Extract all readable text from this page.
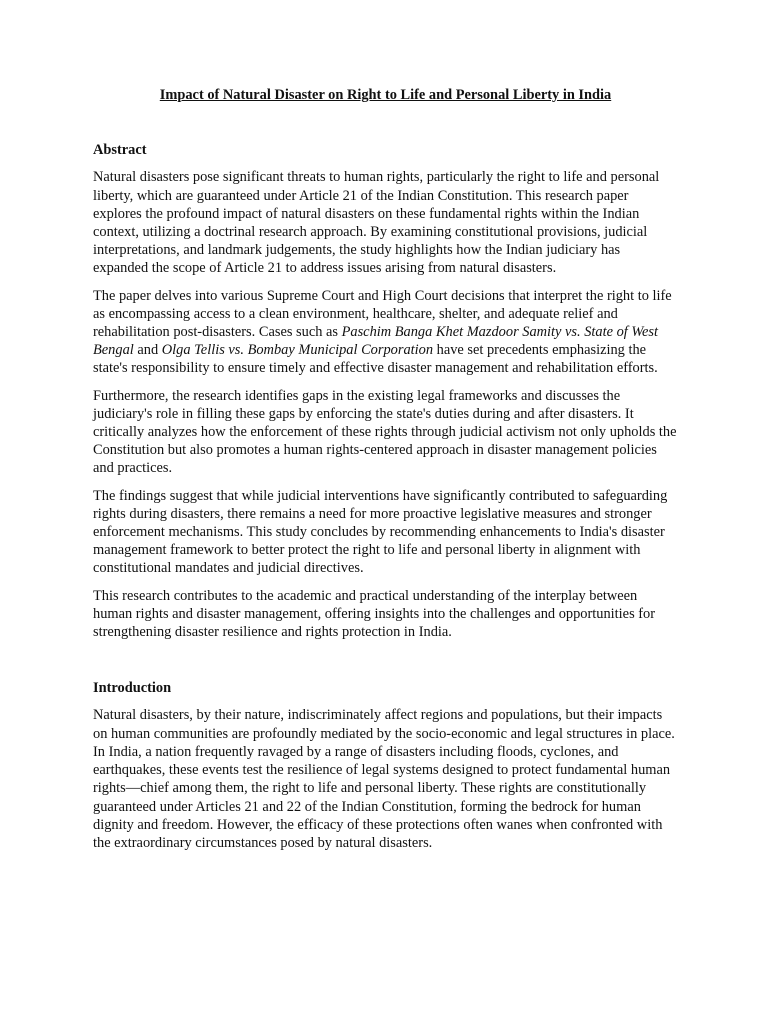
Impact of Natural Disaster on Right to Life and Personal Liberty in India

Abstract

Natural disasters pose significant threats to human rights, particularly the right to life and personal liberty, which are guaranteed under Article 21 of the Indian Constitution. This research paper explores the profound impact of natural disasters on these fundamental rights within the Indian context, utilizing a doctrinal research approach. By examining constitutional provisions, judicial interpretations, and landmark judgements, the study highlights how the Indian judiciary has expanded the scope of Article 21 to address issues arising from natural disasters.

The paper delves into various Supreme Court and High Court decisions that interpret the right to life as encompassing access to a clean environment, healthcare, shelter, and adequate relief and rehabilitation post-disasters. Cases such as Paschim Banga Khet Mazdoor Samity vs. State of West Bengal and Olga Tellis vs. Bombay Municipal Corporation have set precedents emphasizing the state's responsibility to ensure timely and effective disaster management and rehabilitation efforts.

Furthermore, the research identifies gaps in the existing legal frameworks and discusses the judiciary's role in filling these gaps by enforcing the state's duties during and after disasters. It critically analyzes how the enforcement of these rights through judicial activism not only upholds the Constitution but also promotes a human rights-centered approach in disaster management policies and practices.

The findings suggest that while judicial interventions have significantly contributed to safeguarding rights during disasters, there remains a need for more proactive legislative measures and stronger enforcement mechanisms. This study concludes by recommending enhancements to India's disaster management framework to better protect the right to life and personal liberty in alignment with constitutional mandates and judicial directives.

This research contributes to the academic and practical understanding of the interplay between human rights and disaster management, offering insights into the challenges and opportunities for strengthening disaster resilience and rights protection in India.

Introduction

Natural disasters, by their nature, indiscriminately affect regions and populations, but their impacts on human communities are profoundly mediated by the socio-economic and legal structures in place. In India, a nation frequently ravaged by a range of disasters including floods, cyclones, and earthquakes, these events test the resilience of legal systems designed to protect fundamental human rights—chief among them, the right to life and personal liberty. These rights are constitutionally guaranteed under Articles 21 and 22 of the Indian Constitution, forming the bedrock for human dignity and freedom. However, the efficacy of these protections often wanes when confronted with the extraordinary circumstances posed by natural disasters.
